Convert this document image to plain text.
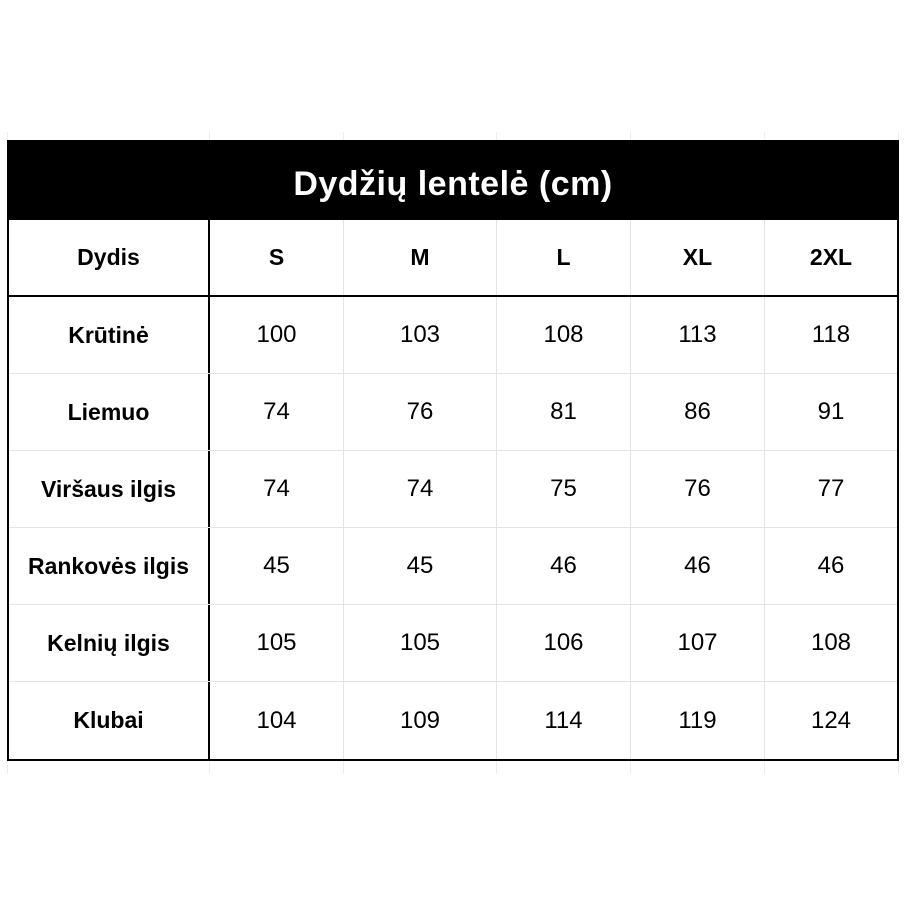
Dydžių lentelė (cm)
Dydis	S	M	L	XL	2XL
Krūtinė	100	103	108	113	118
Liemuo	74	76	81	86	91
Viršaus ilgis	74	74	75	76	77
Rankovės ilgis	45	45	46	46	46
Kelnių ilgis	105	105	106	107	108
Klubai	104	109	114	119	124
